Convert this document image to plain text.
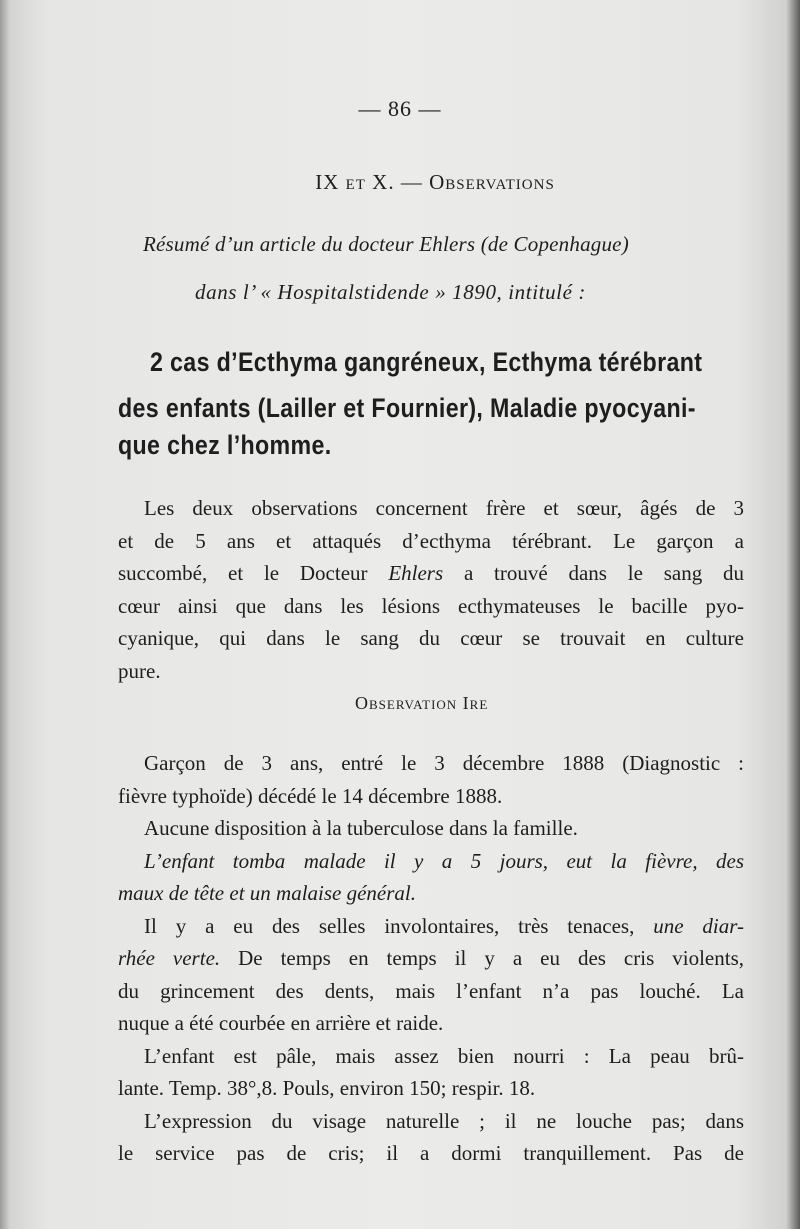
— 86 —
IX et X. — Observations
Résumé d’un article du docteur Ehlers (de Copenhague)
dans l’ « Hospitalstidende » 1890, intitulé :
2 cas d’Ecthyma gangréneux, Ecthyma térébrant
des enfants (Lailler et Fournier), Maladie pyocyani-
que chez l’homme.
Les deux observations concernent frère et sœur, âgés de 3
et de 5 ans et attaqués d’ecthyma térébrant. Le garçon a
succombé, et le Docteur Ehlers a trouvé dans le sang du
cœur ainsi que dans les lésions ecthymateuses le bacille pyo-
cyanique, qui dans le sang du cœur se trouvait en culture
pure.
Observation Ire
Garçon de 3 ans, entré le 3 décembre 1888 (Diagnostic :
fièvre typhoïde) décédé le 14 décembre 1888.
Aucune disposition à la tuberculose dans la famille.
L’enfant tomba malade il y a 5 jours, eut la fièvre, des
maux de tête et un malaise général.
Il y a eu des selles involontaires, très tenaces, une diar-
rhée verte. De temps en temps il y a eu des cris violents,
du grincement des dents, mais l’enfant n’a pas louché. La
nuque a été courbée en arrière et raide.
L’enfant est pâle, mais assez bien nourri : La peau brû-
lante. Temp. 38°,8. Pouls, environ 150; respir. 18.
L’expression du visage naturelle ; il ne louche pas; dans
le service pas de cris; il a dormi tranquillement. Pas de
